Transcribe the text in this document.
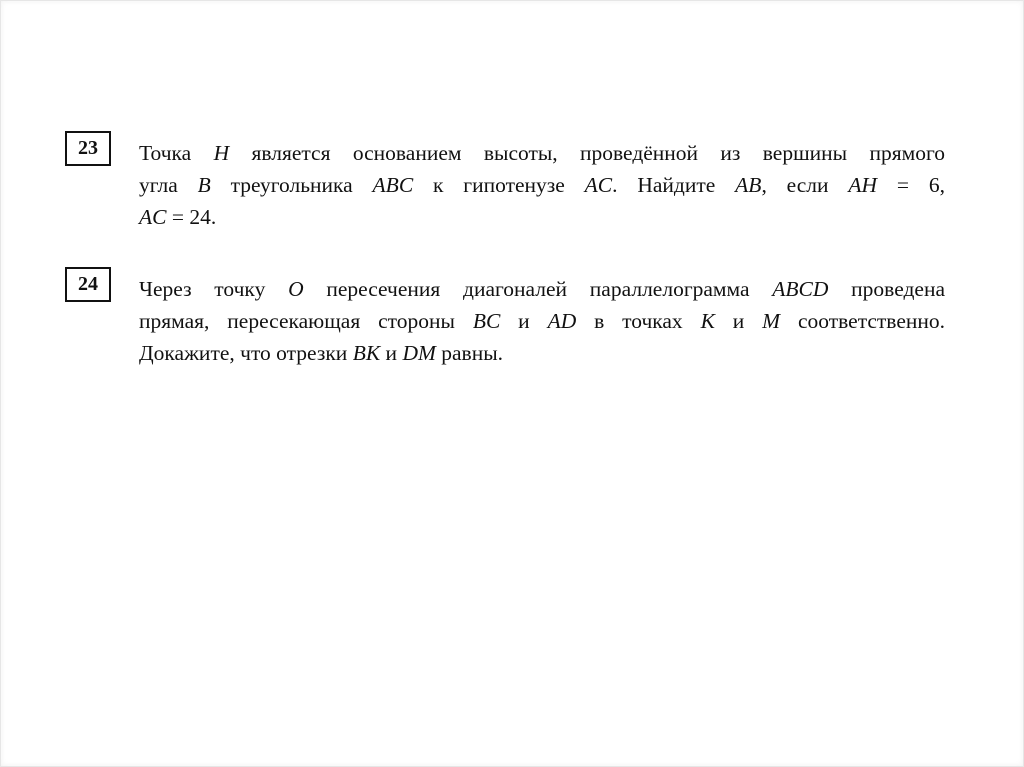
23	Точка H является основанием высоты, проведённой из вершины прямого
угла B треугольника ABC к гипотенузе AC. Найдите AB, если AH = 6,
AC = 24.
24	Через точку O пересечения диагоналей параллелограмма ABCD проведена
прямая, пересекающая стороны BC и AD в точках K и M соответственно.
Докажите, что отрезки BK и DM равны.
